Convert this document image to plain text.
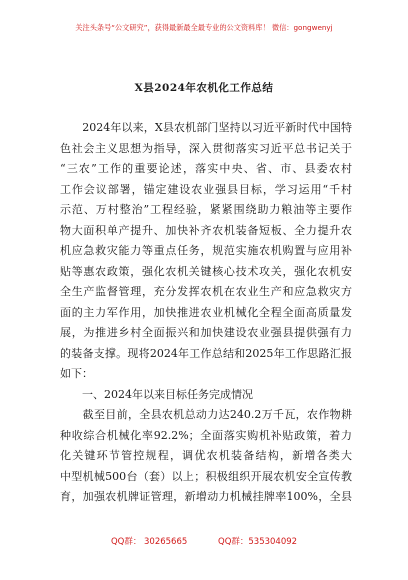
关注头条号“公文研究”，获得最新最全最专业的公文资料库！ 微信：gongwenyj
X县2024年农机化工作总结
　　2024年以来，X县农机部门坚持以习近平新时代中国特
色社会主义思想为指导，深入贯彻落实习近平总书记关于
“三农”工作的重要论述，落实中央、省、市、县委农村
工作会议部署，锚定建设农业强县目标，学习运用“千村
示范、万村整治”工程经验，紧紧围绕助力粮油等主要作
物大面积单产提升、加快补齐农机装备短板、全力提升农
机应急救灾能力等重点任务，规范实施农机购置与应用补
贴等惠农政策，强化农机关键核心技术攻关，强化农机安
全生产监督管理，充分发挥农机在农业生产和应急救灾方
面的主力军作用，加快推进农业机械化全程全面高质量发
展，为推进乡村全面振兴和加快建设农业强县提供强有力
的装备支撑。现将2024年工作总结和2025年工作思路汇报
如下：
　　一、2024年以来目标任务完成情况
　　截至目前，全县农机总动力达240.2万千瓦，农作物耕
种收综合机械化率92.2%；全面落实购机补贴政策，着力
化关键环节管控规程，调优农机装备结构，新增各类大
中型机械500台（套）以上；积极组织开展农机安全宣传教
育，加强农机牌证管理，新增动力机械挂牌率100%，全县
QQ群： 30265665	QQ群：535304092
